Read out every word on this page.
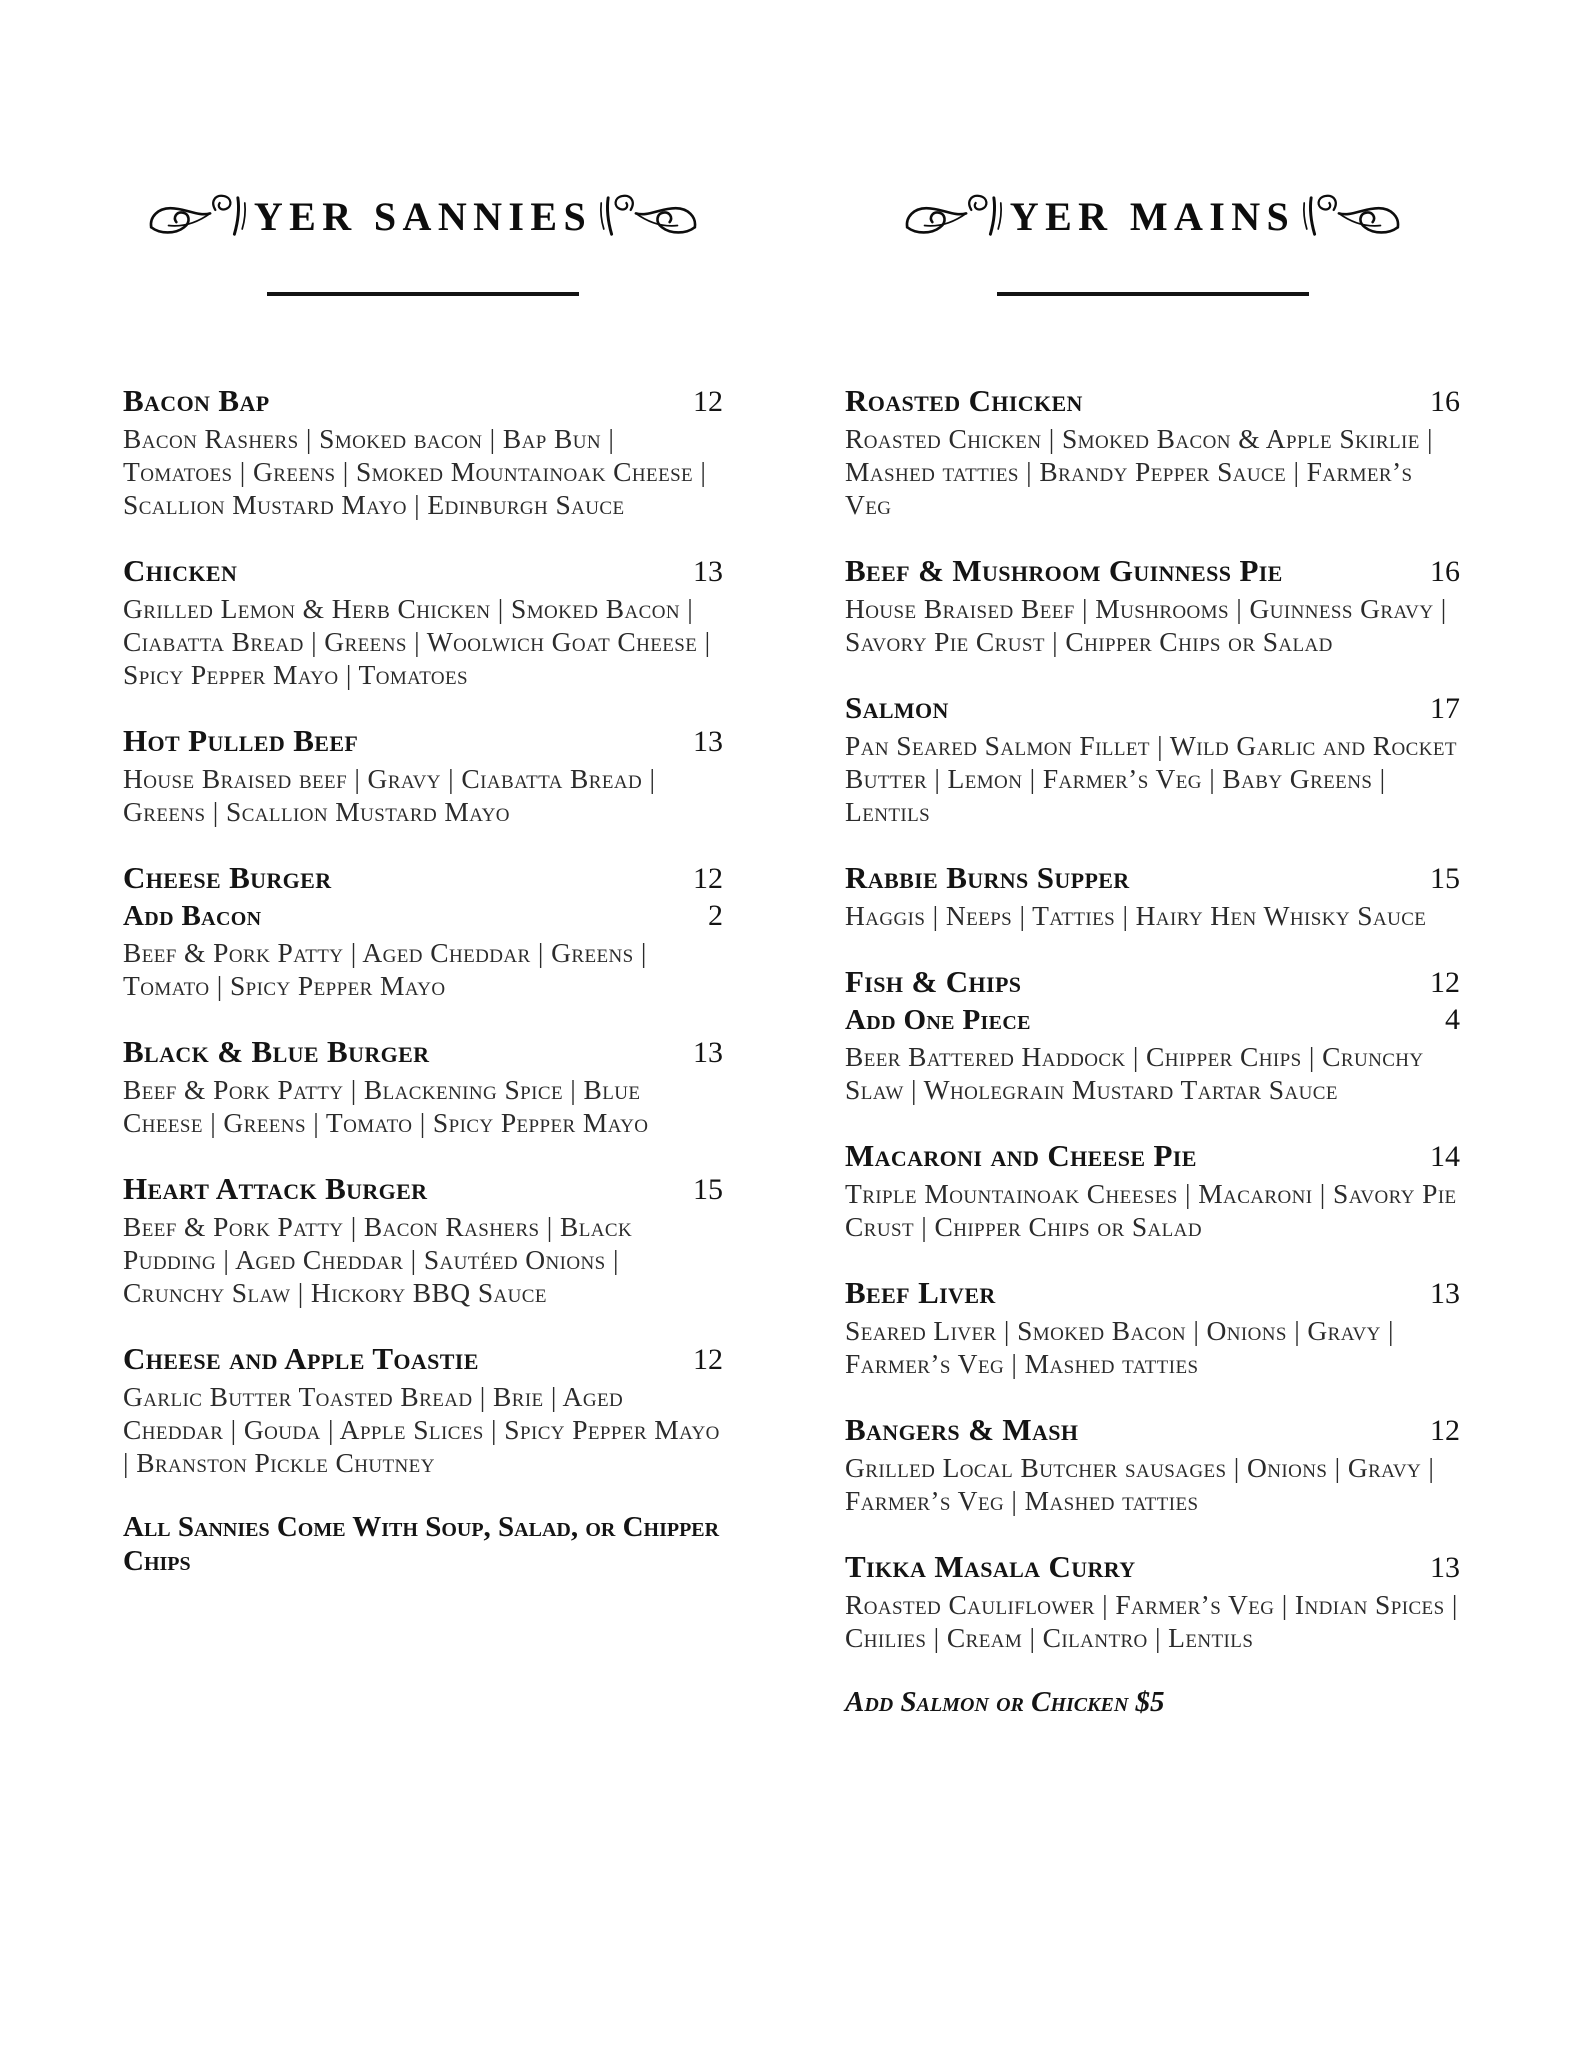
YER SANNIES
Bacon Bap	12

Bacon Rashers | Smoked bacon | Bap Bun | Tomatoes | Greens | Smoked Mountainoak Cheese | Scallion Mustard Mayo | Edinburgh Sauce

Chicken	13

Grilled Lemon & Herb Chicken | Smoked Bacon | Ciabatta Bread | Greens | Woolwich Goat Cheese | Spicy Pepper Mayo | Tomatoes

Hot Pulled Beef	13

House Braised beef | Gravy | Ciabatta Bread | Greens | Scallion Mustard Mayo

Cheese Burger	12
Add Bacon	2

Beef & Pork Patty | Aged Cheddar | Greens | Tomato | Spicy Pepper Mayo

Black & Blue Burger	13

Beef & Pork Patty | Blackening Spice | Blue Cheese | Greens | Tomato | Spicy Pepper Mayo

Heart Attack Burger	15

Beef & Pork Patty | Bacon Rashers | Black Pudding | Aged Cheddar | Sautéed Onions | Crunchy Slaw | Hickory BBQ Sauce

Cheese and Apple Toastie	12

Garlic Butter Toasted Bread | Brie | Aged Cheddar | Gouda | Apple Slices | Spicy Pepper Mayo | Branston Pickle Chutney

All Sannies Come With Soup, Salad, or Chipper Chips

YER MAINS
Roasted Chicken	16

Roasted Chicken | Smoked Bacon & Apple Skirlie | Mashed tatties | Brandy Pepper Sauce | Farmer’s Veg

Beef & Mushroom Guinness Pie	16

House Braised Beef | Mushrooms | Guinness Gravy | Savory Pie Crust | Chipper Chips or Salad

Salmon	17

Pan Seared Salmon Fillet | Wild Garlic and Rocket Butter | Lemon | Farmer’s Veg | Baby Greens | Lentils

Rabbie Burns Supper	15

Haggis | Neeps | Tatties | Hairy Hen Whisky Sauce

Fish & Chips	12
Add One Piece	4

Beer Battered Haddock | Chipper Chips | Crunchy Slaw | Wholegrain Mustard Tartar Sauce

Macaroni and Cheese Pie	14

Triple Mountainoak Cheeses | Macaroni | Savory Pie Crust | Chipper Chips or Salad

Beef Liver	13

Seared Liver | Smoked Bacon | Onions | Gravy | Farmer’s Veg | Mashed tatties

Bangers & Mash	12

Grilled Local Butcher sausages | Onions | Gravy | Farmer’s Veg | Mashed tatties

Tikka Masala Curry	13

Roasted Cauliflower | Farmer’s Veg | Indian Spices | Chilies | Cream | Cilantro | Lentils

Add Salmon or Chicken $5
